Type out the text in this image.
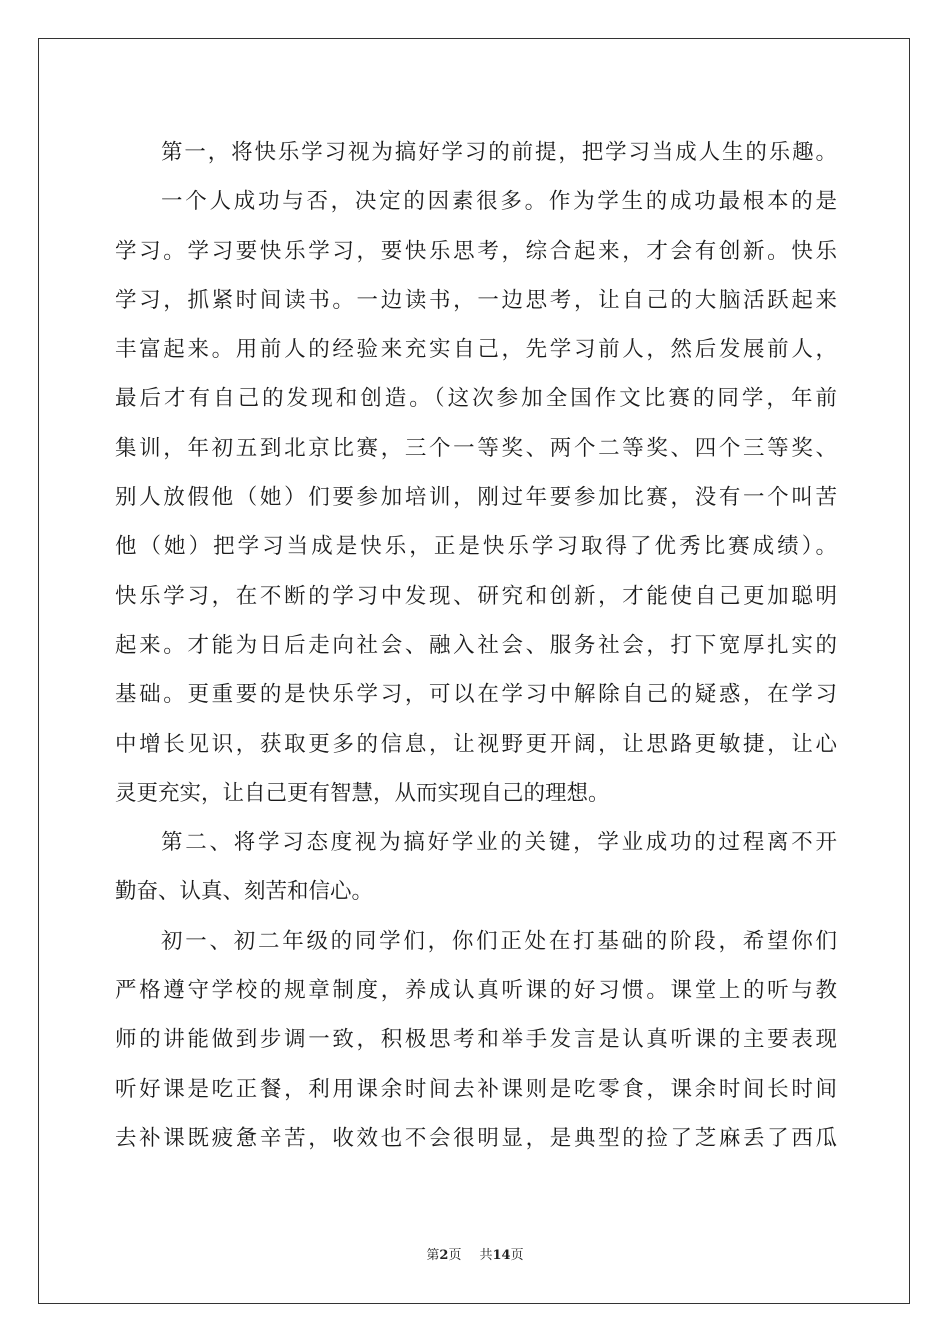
第一，将快乐学习视为搞好学习的前提，把学习当成人生的乐趣。
一个人成功与否，决定的因素很多。作为学生的成功最根本的是
学习。学习要快乐学习，要快乐思考，综合起来，才会有创新。快乐
学习，抓紧时间读书。一边读书，一边思考，让自己的大脑活跃起来
丰富起来。用前人的经验来充实自己，先学习前人，然后发展前人，
最后才有自己的发现和创造。（这次参加全国作文比赛的同学，年前
集训，年初五到北京比赛，三个一等奖、两个二等奖、四个三等奖、
别人放假他（她）们要参加培训，刚过年要参加比赛，没有一个叫苦
他（她）把学习当成是快乐，正是快乐学习取得了优秀比赛成绩）。
快乐学习，在不断的学习中发现、研究和创新，才能使自己更加聪明
起来。才能为日后走向社会、融入社会、服务社会，打下宽厚扎实的
基础。更重要的是快乐学习，可以在学习中解除自己的疑惑，在学习
中增长见识，获取更多的信息，让视野更开阔，让思路更敏捷，让心
灵更充实，让自己更有智慧，从而实现自己的理想。
第二、将学习态度视为搞好学业的关键，学业成功的过程离不开
勤奋、认真、刻苦和信心。
初一、初二年级的同学们，你们正处在打基础的阶段，希望你们
严格遵守学校的规章制度，养成认真听课的好习惯。课堂上的听与教
师的讲能做到步调一致，积极思考和举手发言是认真听课的主要表现
听好课是吃正餐，利用课余时间去补课则是吃零食，课余时间长时间
去补课既疲惫辛苦，收效也不会很明显，是典型的捡了芝麻丢了西瓜
第2页 共14页
